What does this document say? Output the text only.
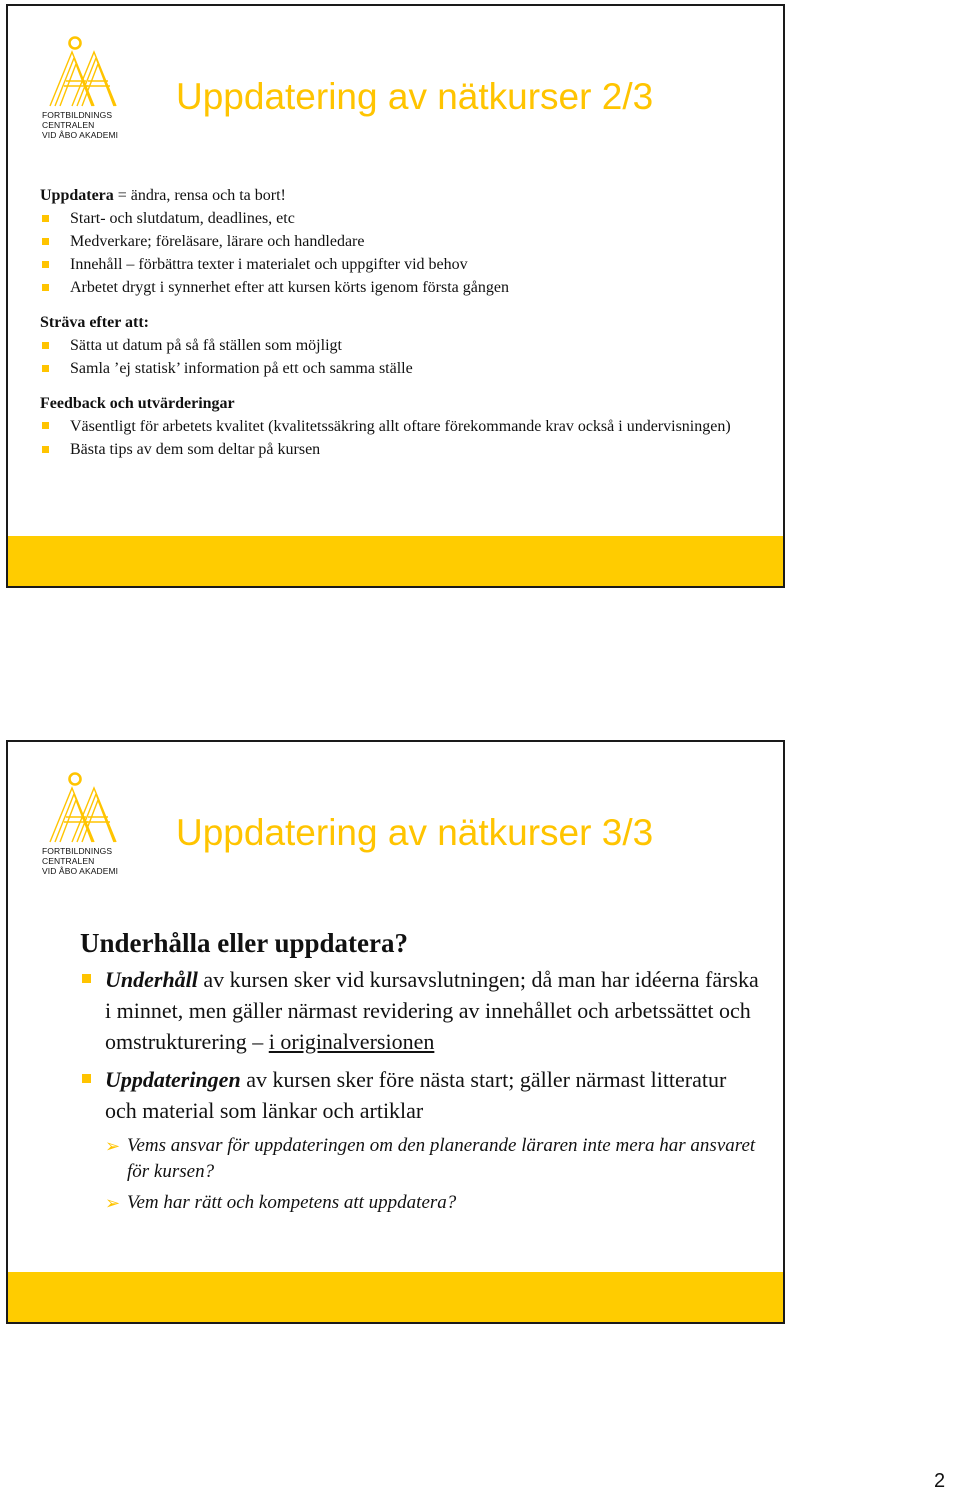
FORTBILDNINGS
CENTRALEN
VID ÅBO AKADEMI
Uppdatering av nätkurser 2/3
Uppdatera = ändra, rensa och ta bort!
Start- och slutdatum, deadlines, etc
Medverkare; föreläsare, lärare och handledare
Innehåll – förbättra texter i materialet och uppgifter vid behov
Arbetet drygt i synnerhet efter att kursen körts igenom första gången
Sträva efter att:
Sätta ut datum på så få ställen som möjligt
Samla ’ej statisk’ information på ett och samma ställe
Feedback och utvärderingar
Väsentligt för arbetets kvalitet (kvalitetssäkring allt oftare förekommande krav också i undervisningen)
Bästa tips av dem som deltar på kursen
FORTBILDNINGS
CENTRALEN
VID ÅBO AKADEMI
Uppdatering av nätkurser 3/3
Underhålla eller uppdatera?
Underhåll av kursen sker vid kursavslutningen; då man har idéerna färska i minnet, men gäller närmast revidering av innehållet och arbetssättet och omstrukturering – i originalversionen
Uppdateringen av kursen sker före nästa start; gäller närmast litteratur och material som länkar och artiklar
➢ Vems ansvar för uppdateringen om den planerande läraren inte mera har ansvaret för kursen?
➢ Vem har rätt och kompetens att uppdatera?
2
